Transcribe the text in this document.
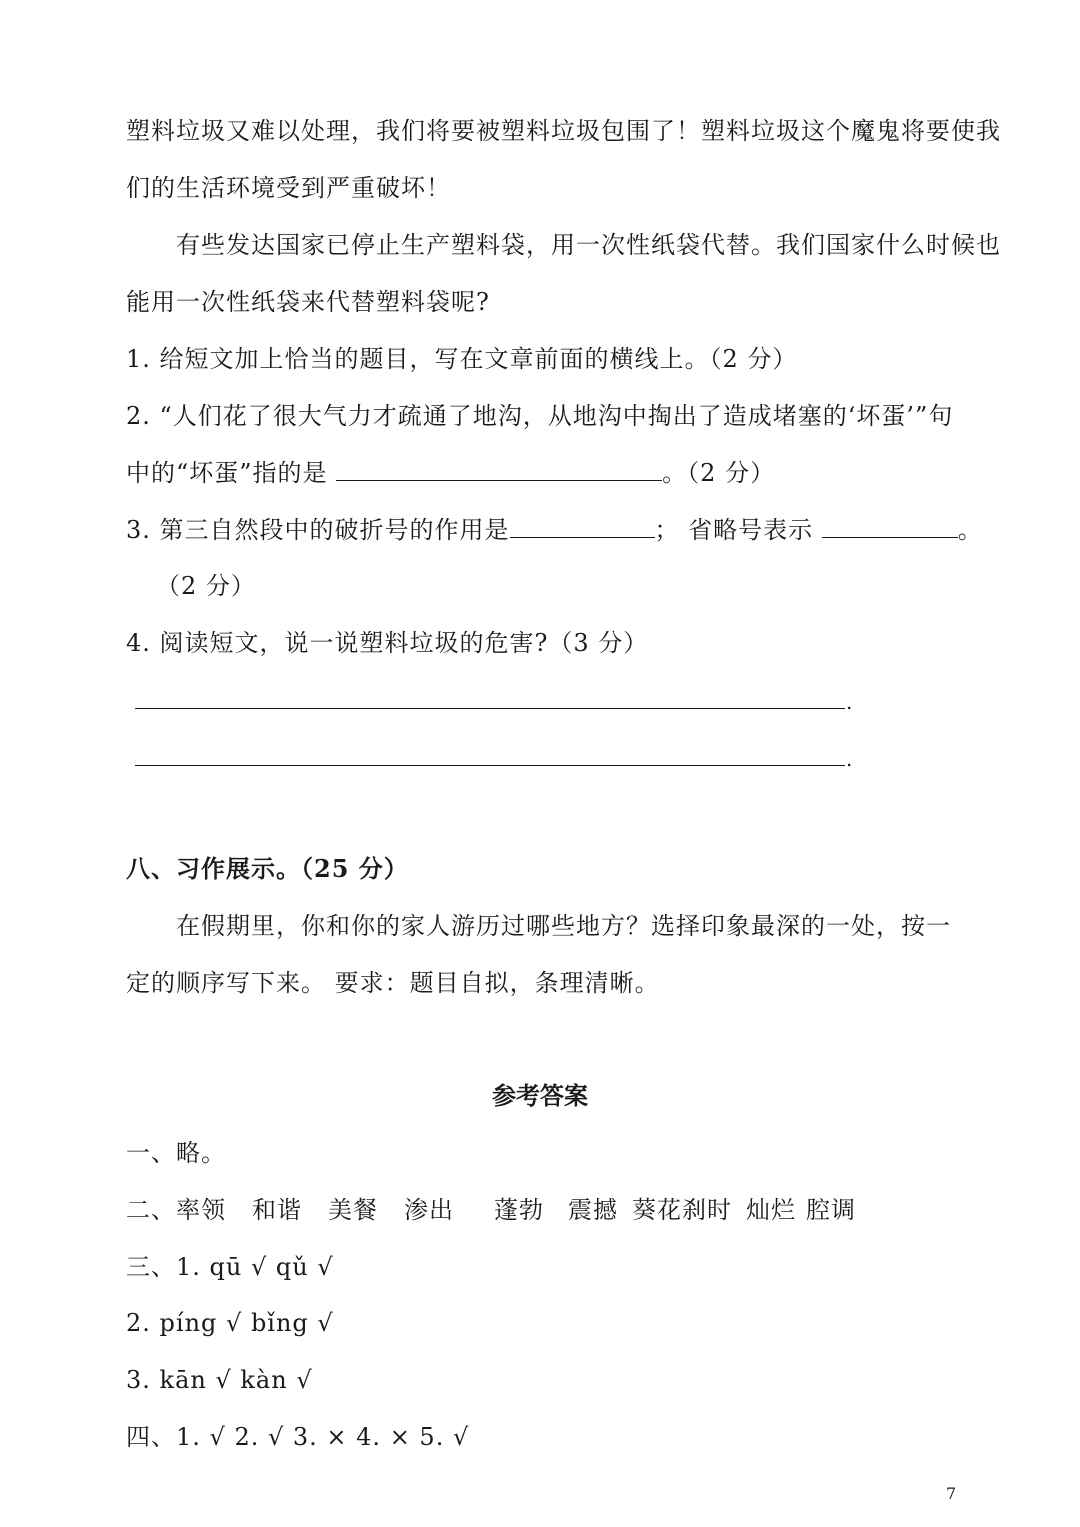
塑料垃圾又难以处理，我们将要被塑料垃圾包围了！塑料垃圾这个魔鬼将要使我
们的生活环境受到严重破坏！
有些发达国家已停止生产塑料袋，用一次性纸袋代替。我们国家什么时候也
能用一次性纸袋来代替塑料袋呢?
1. 给短文加上恰当的题目，写在文章前面的横线上。（2 分）
2. “人们花了很大气力才疏通了地沟，从地沟中掏出了造成堵塞的‘坏蛋’”句
中的“坏蛋”指的是	。（2 分）
3. 第三自然段中的破折号的作用是	； 省略号表示	。
（2 分）
4. 阅读短文，说一说塑料垃圾的危害?（3 分）
.
.
八、习作展示。（25 分）
在假期里，你和你的家人游历过哪些地方？选择印象最深的一处，按一
定的顺序写下来。 要求：题目自拟，条理清晰。
参考答案
一、略。
二、率领 和谐 美餐 渗出 蓬勃 震撼 葵花刹时 灿烂 腔调
三、1. qū √ qǔ √
2. píng √ bǐng √
3. kān √ kàn √
四、1. √ 2. √ 3. × 4. × 5. √
7
